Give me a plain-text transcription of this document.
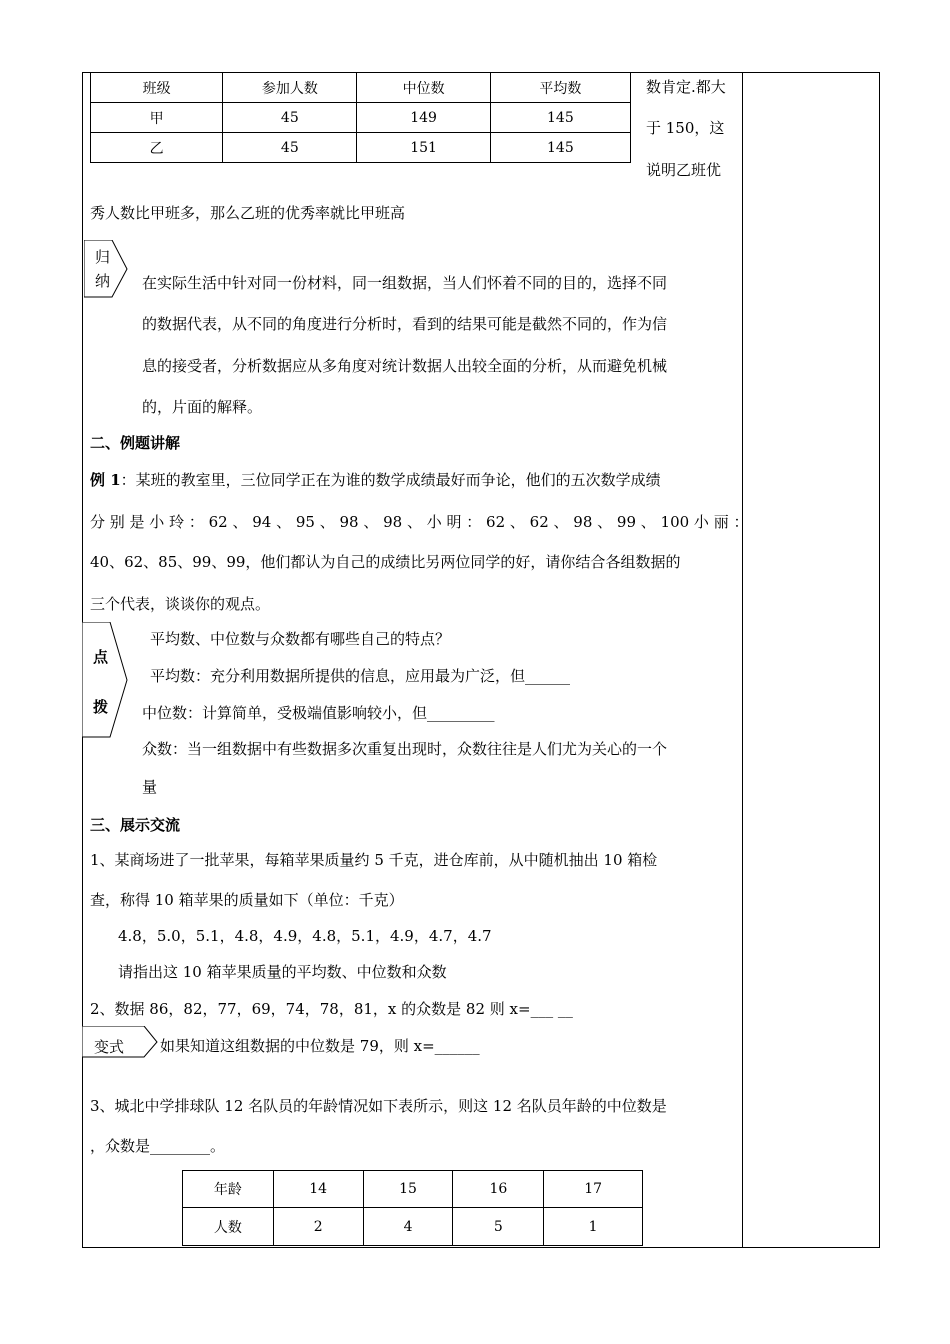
班级	参加人数	中位数	平均数
甲	45	149	145
乙	45	151	145
数肯定.都大
于 150，这
说明乙班优
秀人数比甲班多，那么乙班的优秀率就比甲班高
归
纳 在实际生活中针对同一份材料，同一组数据，当人们怀着不同的目的，选择不同
的数据代表，从不同的角度进行分析时，看到的结果可能是截然不同的，作为信
息的接受者，分析数据应从多角度对统计数据人出较全面的分析，从而避免机械
的，片面的解释。
二、例题讲解
例 1：某班的教室里，三位同学正在为谁的数学成绩最好而争论，他们的五次数学成绩
分 别 是 小 玲 ： 62 、 94 、 95 、 98 、 98 、 小 明 ： 62 、 62 、 98 、 99 、 100 小 丽 ：
40、62、85、99、99，他们都认为自己的成绩比另两位同学的好，请你结合各组数据的
三个代表，谈谈你的观点。
点
拨
平均数、中位数与众数都有哪些自己的特点？
平均数：充分利用数据所提供的信息，应用最为广泛，但______
中位数：计算简单，受极端值影响较小，但_________
众数：当一组数据中有些数据多次重复出现时，众数往往是人们尤为关心的一个
量
三、展示交流
1、某商场进了一批苹果，每箱苹果质量约 5 千克，进仓库前，从中随机抽出 10 箱检
查，称得 10 箱苹果的质量如下（单位：千克）
4.8，5.0，5.1，4.8，4.9，4.8，5.1，4.9，4.7，4.7
请指出这 10 箱苹果质量的平均数、中位数和众数
2、数据 86，82，77，69，74，78，81，x 的众数是 82 则 x=___ __
变式 如果知道这组数据的中位数是 79，则 x=______
3、城北中学排球队 12 名队员的年龄情况如下表所示，则这 12 名队员年龄的中位数是
，众数是________。
年龄	14	15	16	17
人数	2	4	5	1
